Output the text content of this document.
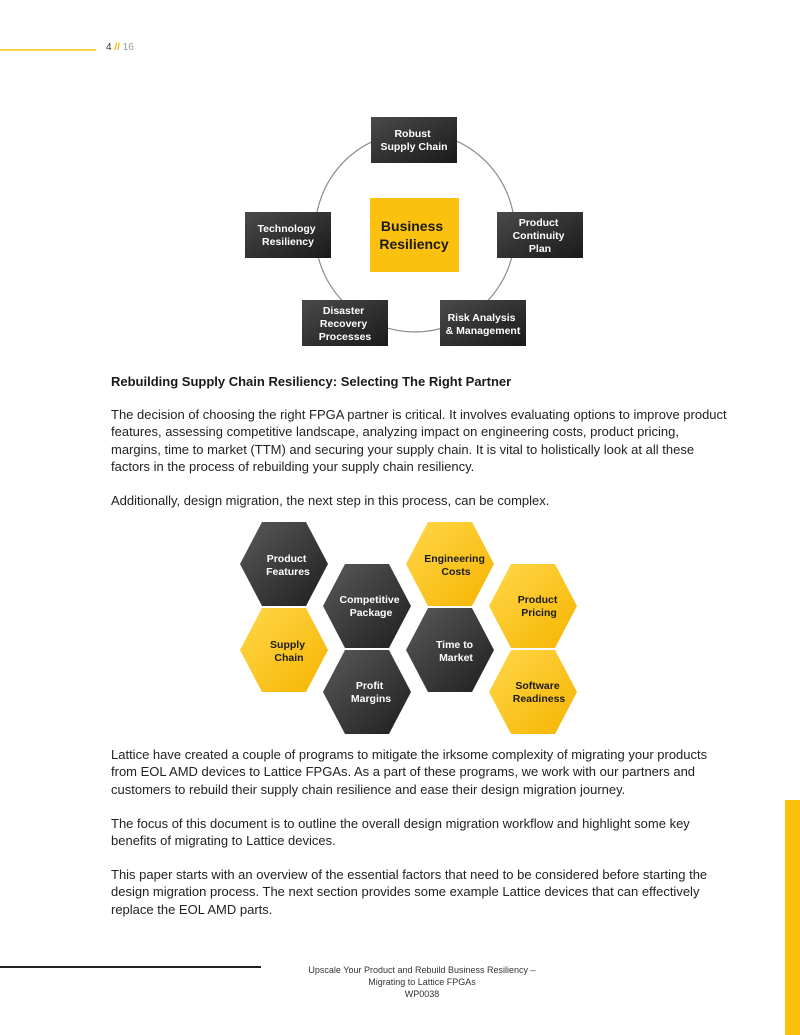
4 // 16
Business Resiliency
Robust Supply Chain
Product Continuity Plan
Risk Analysis & Management
Disaster Recovery Processes
Technology Resiliency
Product Features
Supply Chain
Competitive Package
Profit Margins
Engineering Costs
Time to Market
Product Pricing
Software Readiness
Rebuilding Supply Chain Resiliency: Selecting The Right Partner

The decision of choosing the right FPGA partner is critical. It involves evaluating options to improve product features, assessing competitive landscape, analyzing impact on engineering costs, product pricing, margins, time to market (TTM) and securing your supply chain. It is vital to holistically look at all these factors in the process of rebuilding your supply chain resiliency.

Additionally, design migration, the next step in this process, can be complex.

Lattice have created a couple of programs to mitigate the irksome complexity of migrating your products from EOL AMD devices to Lattice FPGAs. As a part of these programs, we work with our partners and customers to rebuild their supply chain resilience and ease their design migration journey.

The focus of this document is to outline the overall design migration workflow and highlight some key benefits of migrating to Lattice devices.

This paper starts with an overview of the essential factors that need to be considered before starting the design migration process. The next section provides some example Lattice devices that can effectively replace the EOL AMD parts.

Upscale Your Product and Rebuild Business Resiliency –
Migrating to Lattice FPGAs
WP0038
